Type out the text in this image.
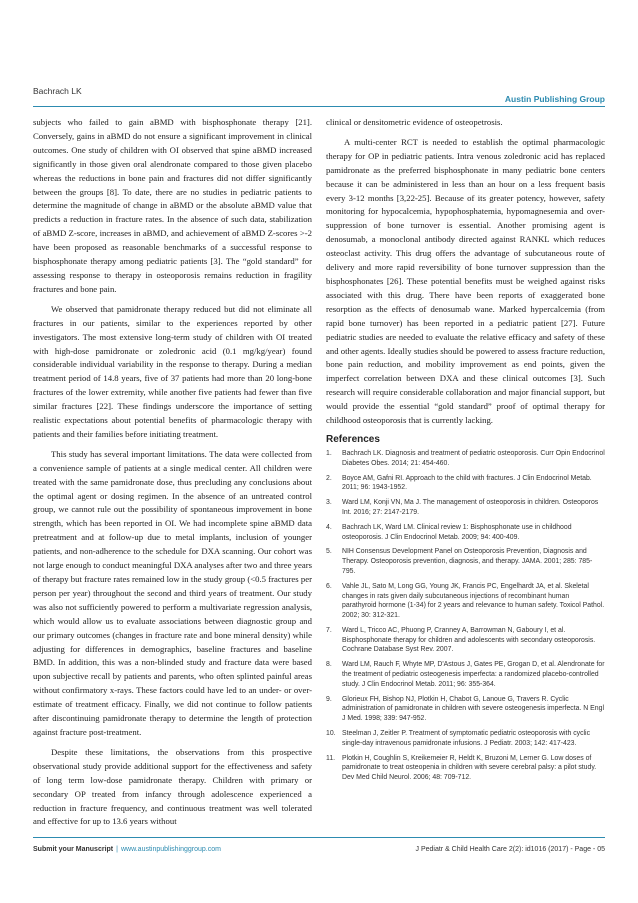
Bachrach LK
Austin Publishing Group

subjects who failed to gain aBMD with bisphosphonate therapy [21]. Conversely, gains in aBMD do not ensure a significant improvement in clinical outcomes. One study of children with OI observed that spine aBMD increased significantly in those given oral alendronate compared to those given placebo whereas the reductions in bone pain and fractures did not differ significantly between the groups [8]. To date, there are no studies in pediatric patients to determine the magnitude of change in aBMD or the absolute aBMD value that predicts a reduction in fracture rates. In the absence of such data, stabilization of aBMD Z-score, increases in aBMD, and achievement of aBMD Z-scores >-2 have been proposed as reasonable benchmarks of a successful response to bisphosphonate therapy among pediatric patients [3]. The “gold standard” for assessing response to therapy in osteoporosis remains reduction in fragility fractures and bone pain.

We observed that pamidronate therapy reduced but did not eliminate all fractures in our patients, similar to the experiences reported by other investigators. The most extensive long-term study of children with OI treated with high-dose pamidronate or zoledronic acid (0.1 mg/kg/year) found considerable individual variability in the response to therapy. During a median treatment period of 14.8 years, five of 37 patients had more than 20 long-bone fractures of the lower extremity, while another five patients had fewer than five similar fractures [22]. These findings underscore the importance of setting realistic expectations about potential benefits of pharmacologic therapy with patients and their families before initiating treatment.

This study has several important limitations. The data were collected from a convenience sample of patients at a single medical center. All children were treated with the same pamidronate dose, thus precluding any conclusions about the optimal agent or dosing regimen. In the absence of an untreated control group, we cannot rule out the possibility of spontaneous improvement in bone strength, which has been reported in OI. We had incomplete spine aBMD data pretreatment and at follow-up due to metal implants, inclusion of younger patients, and non-adherence to the schedule for DXA scanning. Our cohort was not large enough to conduct meaningful DXA analyses after two and three years of therapy but fracture rates remained low in the study group (<0.5 fractures per person per year) throughout the second and third years of treatment. Our study was also not sufficiently powered to perform a multivariate regression analysis, which would allow us to evaluate associations between diagnostic group and our primary outcomes (changes in fracture rate and bone mineral density) while adjusting for differences in demographics, baseline fractures and baseline BMD. In addition, this was a non-blinded study and fracture data were based upon subjective recall by patients and parents, who often splinted painful areas without confirmatory x-rays. These factors could have led to an under- or over-estimate of treatment efficacy. Finally, we did not continue to follow patients after discontinuing pamidronate therapy to determine the length of protection against fracture post-treatment.

Despite these limitations, the observations from this prospective observational study provide additional support for the effectiveness and safety of long term low-dose pamidronate therapy. Children with primary or secondary OP treated from infancy through adolescence experienced a reduction in fracture frequency, and continuous treatment was well tolerated and effective for up to 13.6 years without

clinical or densitometric evidence of osteopetrosis.

A multi-center RCT is needed to establish the optimal pharmacologic therapy for OP in pediatric patients. Intra venous zoledronic acid has replaced pamidronate as the preferred bisphosphonate in many pediatric bone centers because it can be administered in less than an hour on a less frequent basis every 3-12 months [3,22-25]. Because of its greater potency, however, safety monitoring for hypocalcemia, hypophosphatemia, hypomagnesemia and over-suppression of bone turnover is essential. Another promising agent is denosumab, a monoclonal antibody directed against RANKL which reduces osteoclast activity. This drug offers the advantage of subcutaneous route of delivery and more rapid reversibility of bone turnover suppression than the bisphosphonates [26]. These potential benefits must be weighed against risks associated with this drug. There have been reports of exaggerated bone resorption as the effects of denosumab wane. Marked hypercalcemia (from rapid bone turnover) has been reported in a pediatric patient [27]. Future pediatric studies are needed to evaluate the relative efficacy and safety of these and other agents. Ideally studies should be powered to assess fracture reduction, bone pain reduction, and mobility improvement as end points, given the imperfect correlation between DXA and these clinical outcomes [3]. Such research will require considerable collaboration and major financial support, but would provide the essential “gold standard” proof of optimal therapy for childhood osteoporosis that is currently lacking.

References
1. Bachrach LK. Diagnosis and treatment of pediatric osteoporosis. Curr Opin Endocrinol Diabetes Obes. 2014; 21: 454-460.
2. Boyce AM, Gafni RI. Approach to the child with fractures. J Clin Endocrinol Metab. 2011; 96: 1943-1952.
3. Ward LM, Konji VN, Ma J. The management of osteoporosis in children. Osteoporos Int. 2016; 27: 2147-2179.
4. Bachrach LK, Ward LM. Clinical review 1: Bisphosphonate use in childhood osteoporosis. J Clin Endocrinol Metab. 2009; 94: 400-409.
5. NIH Consensus Development Panel on Osteoporosis Prevention, Diagnosis and Therapy. Osteoporosis prevention, diagnosis, and therapy. JAMA. 2001; 285: 785-795.
6. Vahle JL, Sato M, Long GG, Young JK, Francis PC, Engelhardt JA, et al. Skeletal changes in rats given daily subcutaneous injections of recombinant human parathyroid hormone (1-34) for 2 years and relevance to human safety. Toxicol Pathol. 2002; 30: 312-321.
7. Ward L, Tricco AC, Phuong P, Cranney A, Barrowman N, Gaboury I, et al. Bisphosphonate therapy for children and adolescents with secondary osteoporosis. Cochrane Database Syst Rev. 2007.
8. Ward LM, Rauch F, Whyte MP, D'Astous J, Gates PE, Grogan D, et al. Alendronate for the treatment of pediatric osteogenesis imperfecta: a randomized placebo-controlled study. J Clin Endocrinol Metab. 2011; 96: 355-364.
9. Glorieux FH, Bishop NJ, Plotkin H, Chabot G, Lanoue G, Travers R. Cyclic administration of pamidronate in children with severe osteogenesis imperfecta. N Engl J Med. 1998; 339: 947-952.
10. Steelman J, Zeitler P. Treatment of symptomatic pediatric osteoporosis with cyclic single-day intravenous pamidronate infusions. J Pediatr. 2003; 142: 417-423.
11. Plotkin H, Coughlin S, Kreikemeier R, Heldt K, Bruzoni M, Lerner G. Low doses of pamidronate to treat osteopenia in children with severe cerebral palsy: a pilot study. Dev Med Child Neurol. 2006; 48: 709-712.
Submit your Manuscript | www.austinpublishinggroup.com	J Pediatr & Child Health Care 2(2): id1016 (2017) - Page - 05
